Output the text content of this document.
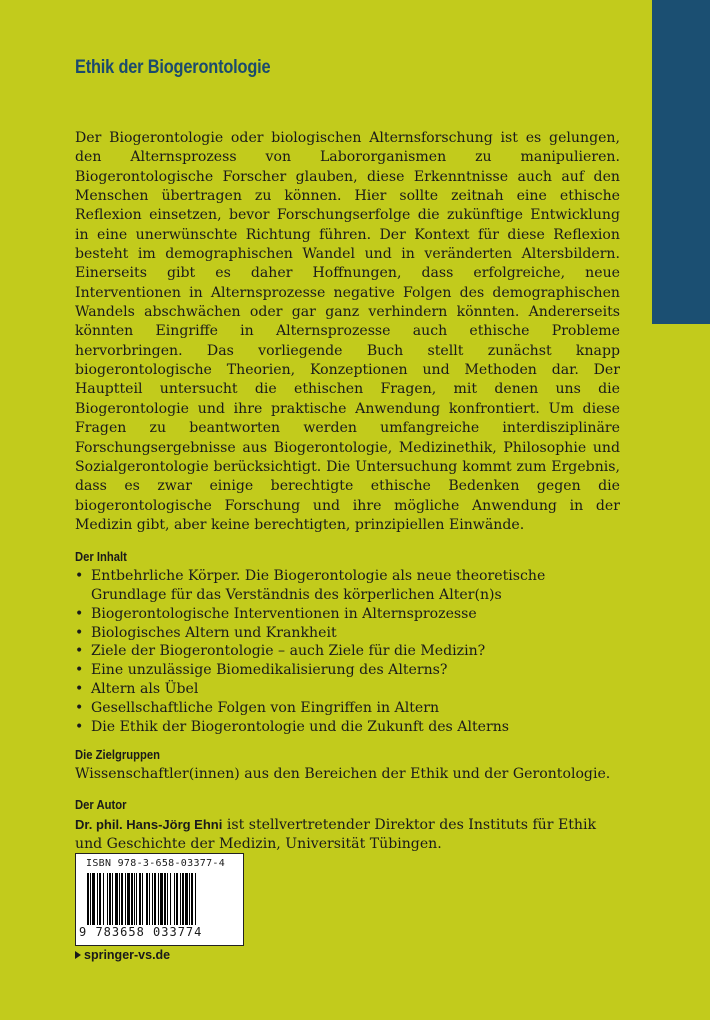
Ethik der Biogerontologie

Der Biogerontologie oder biologischen Alternsforschung ist es gelungen, den Alternsprozess von Labororganismen zu manipulieren. Biogerontologische Forscher glauben, diese Erkenntnisse auch auf den Menschen übertragen zu können. Hier sollte zeitnah eine ethische Reflexion einsetzen, bevor Forschungserfolge die zukünftige Entwicklung in eine unerwünschte Richtung führen. Der Kontext für diese Reflexion besteht im demographischen Wandel und in veränderten Altersbildern. Einerseits gibt es daher Hoffnungen, dass erfolgreiche, neue Interventionen in Alternsprozesse negative Folgen des demographischen Wandels abschwächen oder gar ganz verhindern könnten. Andererseits könnten Eingriffe in Alternsprozesse auch ethische Probleme hervorbringen. Das vorliegende Buch stellt zunächst knapp biogerontologische Theorien, Konzeptionen und Methoden dar. Der Hauptteil untersucht die ethischen Fragen, mit denen uns die Biogerontologie und ihre praktische Anwendung konfrontiert. Um diese Fragen zu beantworten werden umfangreiche interdisziplinäre Forschungsergebnisse aus Biogerontologie, Medizinethik, Philosophie und Sozialgerontologie berücksichtigt. Die Untersuchung kommt zum Ergebnis, dass es zwar einige berechtigte ethische Bedenken gegen die biogerontologische Forschung und ihre mögliche Anwendung in der Medizin gibt, aber keine berechtigten, prinzipiellen Einwände.

Der Inhalt
• Entbehrliche Körper. Die Biogerontologie als neue theoretische Grundlage für das Verständnis des körperlichen Alter(n)s
• Biogerontologische Interventionen in Alternsprozesse
• Biologisches Altern und Krankheit
• Ziele der Biogerontologie – auch Ziele für die Medizin?
• Eine unzulässige Biomedikalisierung des Alterns?
• Altern als Übel
• Gesellschaftliche Folgen von Eingriffen in Altern
• Die Ethik der Biogerontologie und die Zukunft des Alterns
Die Zielgruppen

Wissenschaftler(innen) aus den Bereichen der Ethik und der Gerontologie.

Der Autor

Dr. phil. Hans-Jörg Ehni ist stellvertretender Direktor des Instituts für Ethik und Geschichte der Medizin, Universität Tübingen.

ISBN 978-3-658-03377-4
9 783658 033774
springer-vs.de
